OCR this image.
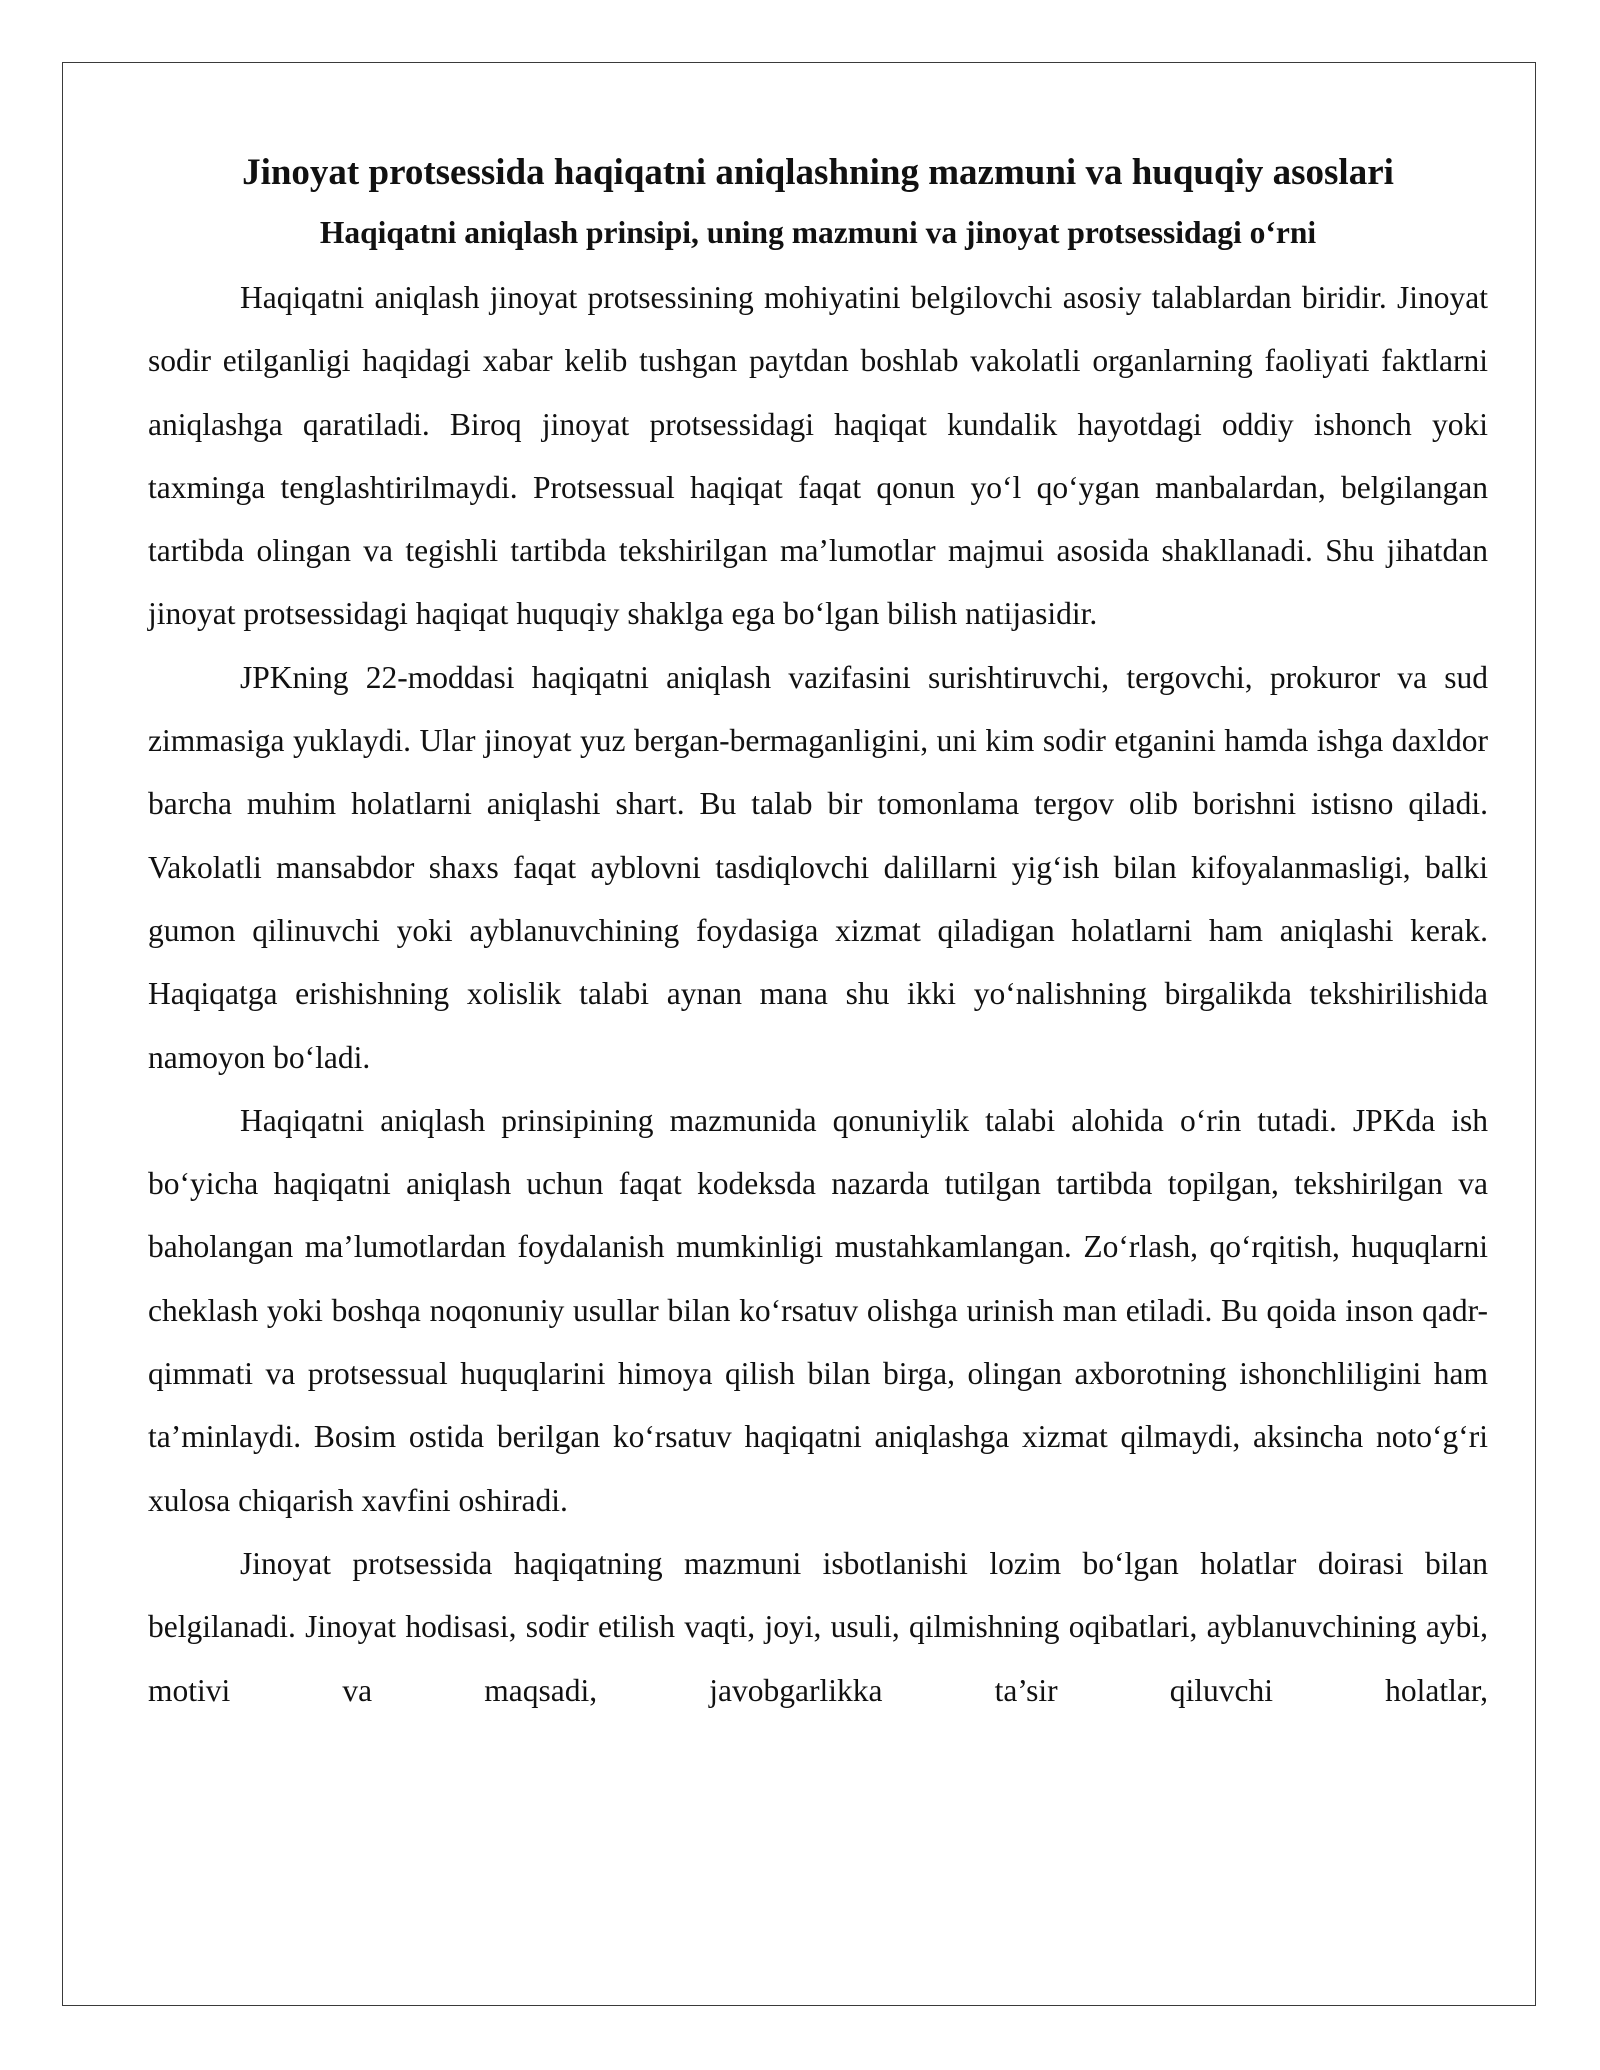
Jinoyat protsessida haqiqatni aniqlashning mazmuni va huquqiy asoslari
Haqiqatni aniqlash prinsipi, uning mazmuni va jinoyat protsessidagi o‘rni

Haqiqatni aniqlash jinoyat protsessining mohiyatini belgilovchi asosiy talablardan biridir. Jinoyat sodir etilganligi haqidagi xabar kelib tushgan paytdan boshlab vakolatli organlarning faoliyati faktlarni aniqlashga qaratiladi. Biroq jinoyat protsessidagi haqiqat kundalik hayotdagi oddiy ishonch yoki taxminga tenglashtirilmaydi. Protsessual haqiqat faqat qonun yo‘l qo‘ygan manbalardan, belgilangan tartibda olingan va tegishli tartibda tekshirilgan ma’lumotlar majmui asosida shakllanadi. Shu jihatdan jinoyat protsessidagi haqiqat huquqiy shaklga ega bo‘lgan bilish natijasidir.

JPKning 22-moddasi haqiqatni aniqlash vazifasini surishtiruvchi, tergovchi, prokuror va sud zimmasiga yuklaydi. Ular jinoyat yuz bergan-bermaganligini, uni kim sodir etganini hamda ishga daxldor barcha muhim holatlarni aniqlashi shart. Bu talab bir tomonlama tergov olib borishni istisno qiladi. Vakolatli mansabdor shaxs faqat ayblovni tasdiqlovchi dalillarni yig‘ish bilan kifoyalanmasligi, balki gumon qilinuvchi yoki ayblanuvchining foydasiga xizmat qiladigan holatlarni ham aniqlashi kerak. Haqiqatga erishishning xolislik talabi aynan mana shu ikki yo‘nalishning birgalikda tekshirilishida namoyon bo‘ladi.

Haqiqatni aniqlash prinsipining mazmunida qonuniylik talabi alohida o‘rin tutadi. JPKda ish bo‘yicha haqiqatni aniqlash uchun faqat kodeksda nazarda tutilgan tartibda topilgan, tekshirilgan va baholangan ma’lumotlardan foydalanish mumkinligi mustahkamlangan. Zo‘rlash, qo‘rqitish, huquqlarni cheklash yoki boshqa noqonuniy usullar bilan ko‘rsatuv olishga urinish man etiladi. Bu qoida inson qadr-qimmati va protsessual huquqlarini himoya qilish bilan birga, olingan axborotning ishonchliligini ham ta’minlaydi. Bosim ostida berilgan ko‘rsatuv haqiqatni aniqlashga xizmat qilmaydi, aksincha noto‘g‘ri xulosa chiqarish xavfini oshiradi.

Jinoyat protsessida haqiqatning mazmuni isbotlanishi lozim bo‘lgan holatlar doirasi bilan belgilanadi. Jinoyat hodisasi, sodir etilish vaqti, joyi, usuli, qilmishning oqibatlari, ayblanuvchining aybi, motivi va maqsadi, javobgarlikka ta’sir qiluvchi holatlar,
